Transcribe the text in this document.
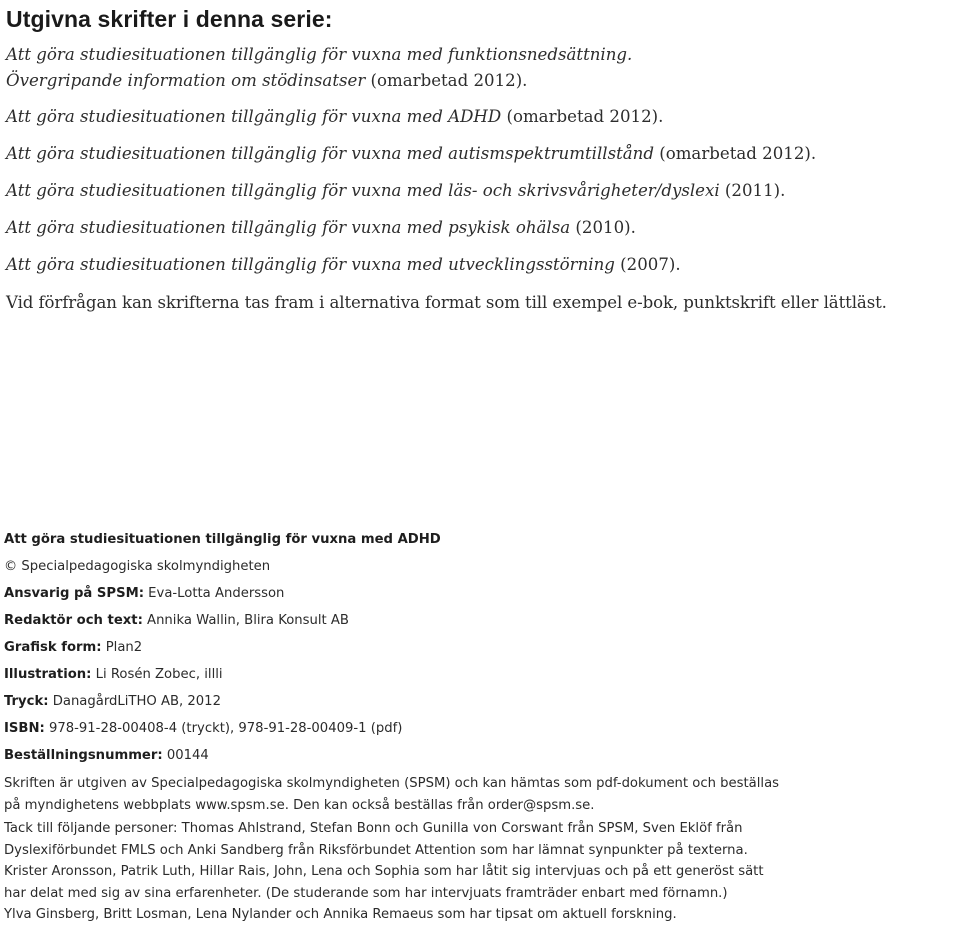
Utgivna skrifter i denna serie:
Att göra studiesituationen tillgänglig för vuxna med funktionsnedsättning.
Övergripande information om stödinsatser (omarbetad 2012).
Att göra studiesituationen tillgänglig för vuxna med ADHD (omarbetad 2012).
Att göra studiesituationen tillgänglig för vuxna med autismspektrumtillstånd (omarbetad 2012).
Att göra studiesituationen tillgänglig för vuxna med läs- och skrivsvårigheter/dyslexi (2011).
Att göra studiesituationen tillgänglig för vuxna med psykisk ohälsa (2010).
Att göra studiesituationen tillgänglig för vuxna med utvecklingsstörning (2007).
Vid förfrågan kan skrifterna tas fram i alternativa format som till exempel e-bok, punktskrift eller lättläst.
Att göra studiesituationen tillgänglig för vuxna med ADHD
© Specialpedagogiska skolmyndigheten
Ansvarig på SPSM: Eva-Lotta Andersson
Redaktör och text: Annika Wallin, Blira Konsult AB
Grafisk form: Plan2
Illustration: Li Rosén Zobec, illli
Tryck: DanagårdLiTHO AB, 2012
ISBN: 978-91-28-00408-4 (tryckt), 978-91-28-00409-1 (pdf)
Beställningsnummer: 00144
Skriften är utgiven av Specialpedagogiska skolmyndigheten (SPSM) och kan hämtas som pdf-dokument och beställas
på myndighetens webbplats www.spsm.se. Den kan också beställas från order@spsm.se.
Tack till följande personer: Thomas Ahlstrand, Stefan Bonn och Gunilla von Corswant från SPSM, Sven Eklöf från
Dyslexiförbundet FMLS och Anki Sandberg från Riksförbundet Attention som har lämnat synpunkter på texterna.
Krister Aronsson, Patrik Luth, Hillar Rais, John, Lena och Sophia som har låtit sig intervjuas och på ett generöst sätt
har delat med sig av sina erfarenheter. (De studerande som har intervjuats framträder enbart med förnamn.)
Ylva Ginsberg, Britt Losman, Lena Nylander och Annika Remaeus som har tipsat om aktuell forskning.
